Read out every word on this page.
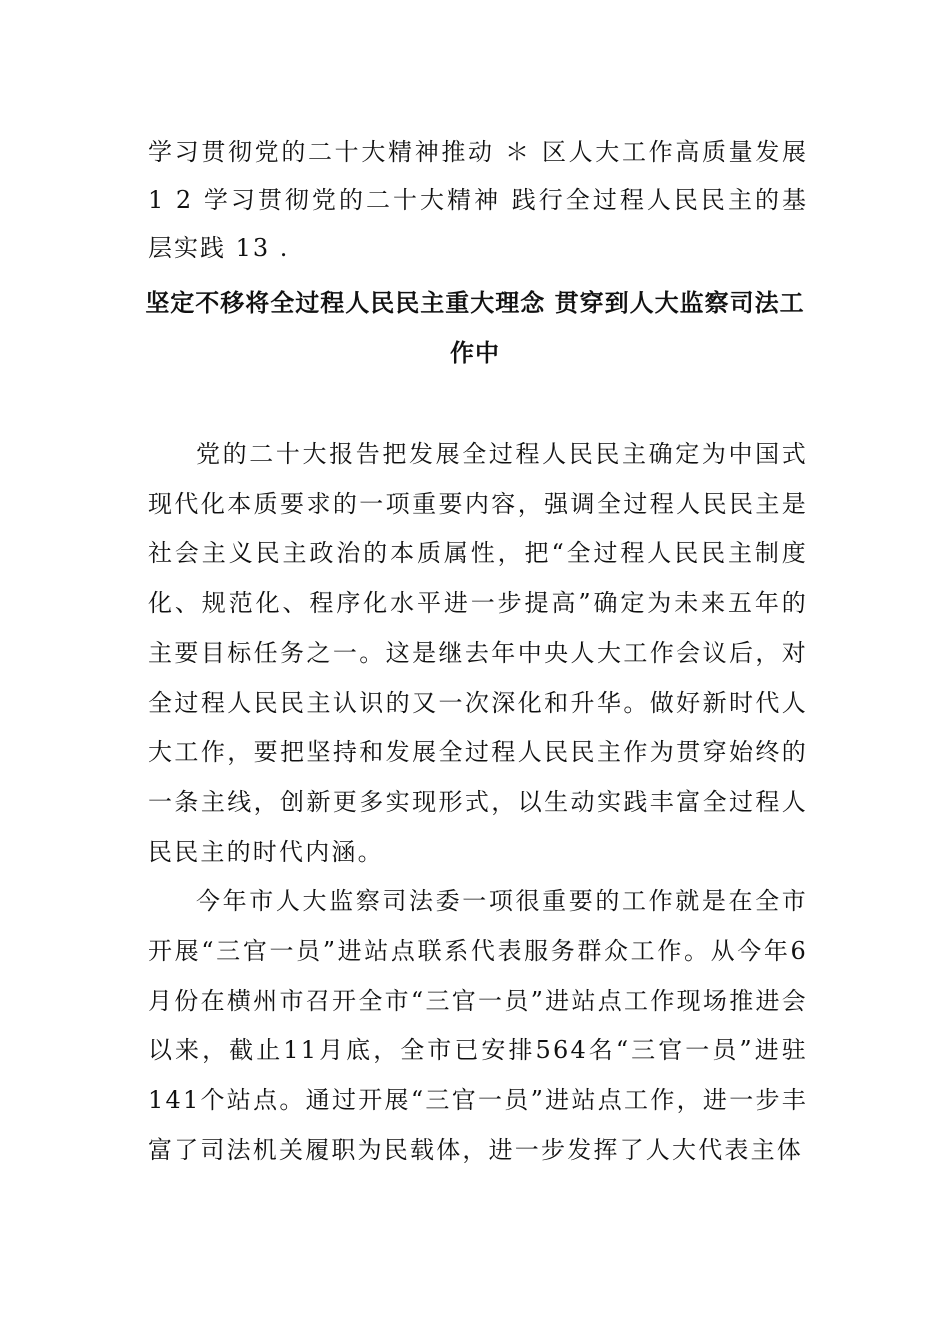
学习贯彻党的二十大精神推动 ＊ 区人大工作高质量发展 1 2 学习贯彻党的二十大精神 践行全过程人民民主的基层实践 13 .
坚定不移将全过程人民民主重大理念 贯穿到人大监察司法工作中

党的二十大报告把发展全过程人民民主确定为中国式现代化本质要求的一项重要内容，强调全过程人民民主是社会主义民主政治的本质属性，把“全过程人民民主制度化、规范化、程序化水平进一步提高”确定为未来五年的主要目标任务之一。这是继去年中央人大工作会议后，对全过程人民民主认识的又一次深化和升华。做好新时代人大工作，要把坚持和发展全过程人民民主作为贯穿始终的一条主线，创新更多实现形式，以生动实践丰富全过程人民民主的时代内涵。

今年市人大监察司法委一项很重要的工作就是在全市开展“三官一员”进站点联系代表服务群众工作。从今年6月份在横州市召开全市“三官一员”进站点工作现场推进会以来，截止11月底，全市已安排564名“三官一员”进驻141个站点。通过开展“三官一员”进站点工作，进一步丰富了司法机关履职为民载体，进一步发挥了人大代表主体
